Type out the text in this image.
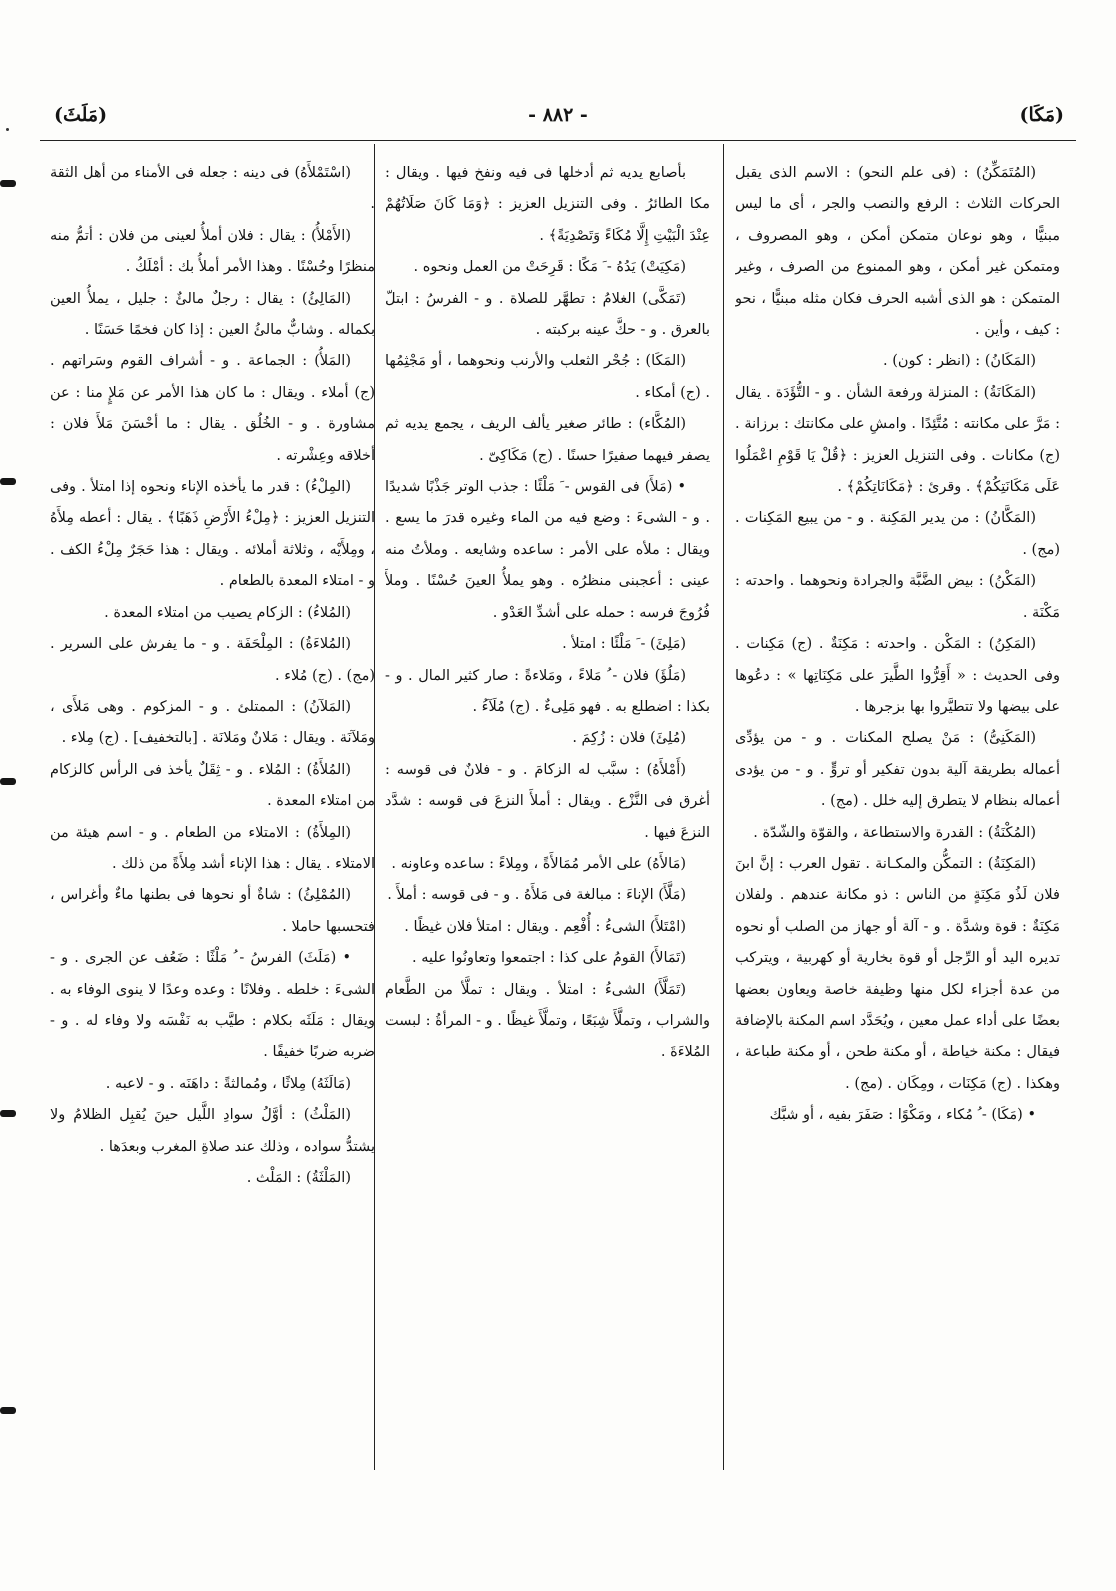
(مَكَا)
- ٨٨٢ -
(مَلَثَ)

(المُتَمَكِّنُ) : (فى علم النحو) : الاسم الذى يقبل الحركات الثلاث : الرفع والنصب والجر ، أى ما ليس مبنيًّا ، وهو نوعان متمكن أمكن ، وهو المصروف ، ومتمكن غير أمكن ، وهو الممنوع من الصرف ، وغير المتمكن : هو الذى أشبه الحرف فكان مثله مبنيًّا ، نحو : كيف ، وأين .

(المَكَانُ) : (انظر : كون) .

(المَكَانَةُ) : المنزلة ورفعة الشأن . و - التُّؤَدَة . يقال : مَرَّ على مكانته : مُتَّئِدًا . وامشِ على مكانتك : برزانة . (ج) مكانات . وفى التنزيل العزيز : ﴿قُلْ يَا قَوْمِ اعْمَلُوا عَلَى مَكَانَتِكُمْ﴾ . وقرئ : ﴿مَكَانَاتِكُمْ﴾ .

(المَكَّانُ) : من يدير المَكِنة . و - من يبيع المَكِنات . (مج) .

(المَكْنُ) : بيض الضَّبَّة والجرادة ونحوهما . واحدته : مَكْنَة .

(المَكِنُ) : المَكْن . واحدته : مَكِنَةٌ . (ج) مَكِنات . وفى الحديث : « أَقِرُّوا الطَّيرَ على مَكِنَاتِها » : دعُوها على بيضها ولا تتطيَّروا بها بزجرها .

(المَكَنِىُّ) : مَنْ يصلح المكنات . و - من يؤدِّى أعماله بطريقة آلية بدون تفكير أو تروٍّ . و - من يؤدى أعماله بنظام لا يتطرق إليه خلل . (مج) .

(المُكْنَةُ) : القدرة والاستطاعة ، والقوّة والشّدّة .

(المَكِنَةُ) : التمكُّن والمكـانة . تقول العرب : إنَّ ابنَ فلان لَذُو مَكِنَةٍ من الناس : ذو مكانة عندهم . ولفلان مَكِنَةٌ : قوة وشدَّة . و - آلة أو جهاز من الصلب أو نحوه تديره اليد أو الرِّجل أو قوة بخارية أو كهربية ، ويتركب من عدة أجزاء لكل منها وظيفة خاصة ويعاون بعضها بعضًا على أداء عمل معين ، ويُحَدَّد اسم المكنة بالإضافة فيقال : مكنة خياطة ، أو مكنة طحن ، أو مكنة طباعة ، وهكذا . (ج) مَكِنَات ، ومِكَان . (مج) .

• (مَكَا) - ُ مُكاء ، ومَكْوًا : صَفَرَ بفيه ، أو شبَّك

بأصابع يديه ثم أدخلها فى فيه ونفخ فيها . ويقال : مكا الطائرُ . وفى التنزيل العزيز : ﴿وَمَا كَانَ صَلَاتُهُمْ عِنْدَ الْبَيْتِ إِلَّا مُكَاءً وَتَصْدِيَةً﴾ .

(مَكِيَتْ) يَدُهُ - َ مَكًا : قَرِحَتْ من العمل ونحوه .

(تَمَكَّى) الغلامُ : تطهَّر للصلاة . و - الفرسُ : ابتلّ بالعرق . و - حكَّ عينه بركبته .

(المَكَا) : جُحْر الثعلب والأرنب ونحوهما ، أو مَجْثِمُها . (ج) أمكاء .

(المُكَّاء) : طائر صغير يألف الريف ، يجمع يديه ثم يصفر فيهما صفيرًا حسنًا . (ج) مَكَاكِىّ .

• (مَلأَ) فى القوس - َ مَلْئًا : جذب الوتر جَذْبًا شديدًا . و - الشىءَ : وضع فيه من الماء وغيره قدرَ ما يسع . ويقال : ملأه على الأمر : ساعده وشايعه . وملأتُ منه عينى : أعجبنى منظرُه . وهو يملأُ العينَ حُسْنًا . وملأَ فُرُوجَ فرسه : حمله على أشدِّ العَدْو .

(مَلِئَ) - َ مَلْئًا : امتلأ .

(مَلُؤَ) فلان - ُ مَلاءً ، ومَلاءةً : صار كثير المال . و - بكذا : اضطلع به . فهو مَلِىءٌ . (ج) مُلَآءُ .

(مُلِئَ) فلان : زُكِمَ .

(أَمْلأَهُ) : سبَّب له الزكامَ . و - فلانٌ فى قوسه : أغرق فى النَّزْع . ويقال : أملأَ النزعَ فى قوسه : شدَّد النزعَ فيها .

(مَالأَهُ) على الأمر مُمَالأَةً ، ومِلاءً : ساعده وعاونه .

(مَلَّأَ) الإناءَ : مبالغة فى مَلأَهُ . و - فى قوسه : أملأَ .

(امْتَلأَ) الشىءُ : أُفْعِم . ويقال : امتلأ فلان غيظًا .

(تَمَالأَ) القومُ على كذا : اجتمعوا وتعاونُوا عليه .

(تَمَلَّأَ) الشىءُ : امتلأ . ويقال : تملَّأ من الطَّعام والشراب ، وتملَّأَ شِبَعًا ، وتملَّأَ غيظًا . و - المرأةُ : لبست المُلاءَةَ .

(اسْتَمْلأَهُ) فى دينه : جعله فى الأمناء من أهل الثقة .

(الأَمْلأُ) : يقال : فلان أملأُ لعينى من فلان : أتمُّ منه منظرًا وحُسْنًا . وهذا الأمر أملأُ بك : أمْلَكُ .

(المَالِئُ) : يقال : رجلٌ مالئٌ : جليل ، يملأُ العين بكماله . وشابٌّ مالئُ العين : إذا كان فخمًا حَسَنًا .

(المَلأُ) : الجماعة . و - أشراف القوم وسَراتهم . (ج) أملاء . ويقال : ما كان هذا الأمر عن مَلإٍ منا : عن مشاورة . و - الخُلُق . يقال : ما أحْسَنَ مَلأَ فلان : أخلاقه وعِشْرته .

(المِلْءُ) : قدر ما يأخذه الإناء ونحوه إذا امتلأ . وفى التنزيل العزيز : ﴿مِلْءُ الأَرْضِ ذَهَبًا﴾ . يقال : أعطه مِلأَهُ ، ومِلأَيْه ، وثلاثة أملائه . ويقال : هذا حَجَرٌ مِلْءُ الكف . و - امتلاء المعدة بالطعام .

(المُلاءُ) : الزكام يصيب من امتلاء المعدة .

(المُلاءَةُ) : المِلْحَفَة . و - ما يفرش على السرير . (مج) . (ج) مُلاء .

(المَلآنُ) : الممتلئ . و - المزكوم . وهى مَلأَى ، ومَلآنَة . ويقال : مَلانٌ ومَلانَة . [بالتخفيف] . (ج) مِلاء .

(المُلأَةُ) : المُلاء . و - ثِقَلٌ يأخذ فى الرأس كالزكام من امتلاء المعدة .

(المِلأَةُ) : الامتلاء من الطعام . و - اسم هيئة من الامتلاء . يقال : هذا الإناء أشد مِلأَةً من ذلك .

(المُمْلِئُ) : شاةٌ أو نحوها فى بطنها ماءٌ وأغراس ، فتحسبها حاملا .

• (مَلَثَ) الفرسُ - ُ مَلْثًا : ضَعُف عن الجرى . و - الشىءَ : خلطه . وفلانًا : وعده وعدًا لا ينوى الوفاء به . ويقال : مَلَثَه بكلام : طيَّب به نَفْسَه ولا وفاء له . و - ضربه ضربًا خفيفًا .

(مَالَثَهُ) مِلاثًا ، ومُمالثةً : داهَنَه . و - لاعبه .

(المَلْثُ) : أوَّلُ سوادِ اللَّيل حينَ يُقبِل الظلامُ ولا يشتدُّ سواده ، وذلك عند صلاةِ المغرب وبعدَها .

(المَلْثَةُ) : المَلْث .
